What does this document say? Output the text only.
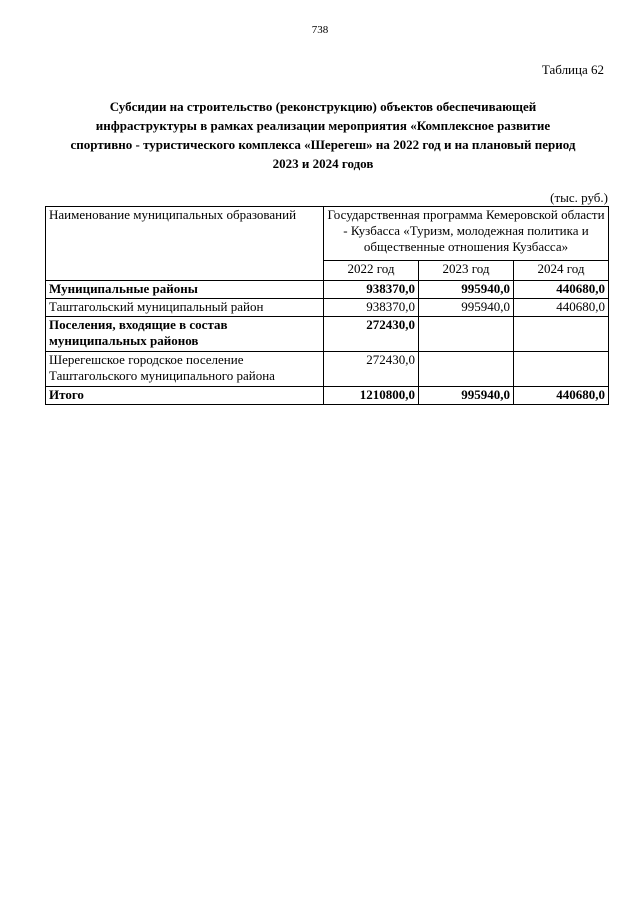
738
Таблица 62
Субсидии на строительство (реконструкцию) объектов обеспечивающей
инфраструктуры в рамках реализации мероприятия «Комплексное развитие
спортивно - туристического комплекса «Шерегеш» на 2022 год и на плановый период
2023 и 2024 годов
(тыс. руб.)
Наименование муниципальных образований	Государственная программа Кемеровской области - Кузбасса «Туризм, молодежная политика и общественные отношения Кузбасса»		
	2022 год	2023 год	2024 год
Муниципальные районы	938370,0	995940,0	440680,0
Таштагольский муниципальный район	938370,0	995940,0	440680,0
Поселения, входящие в состав муниципальных районов	272430,0		
Шерегешское городское поселение Таштагольского муниципального района	272430,0		
Итого	1210800,0	995940,0	440680,0
